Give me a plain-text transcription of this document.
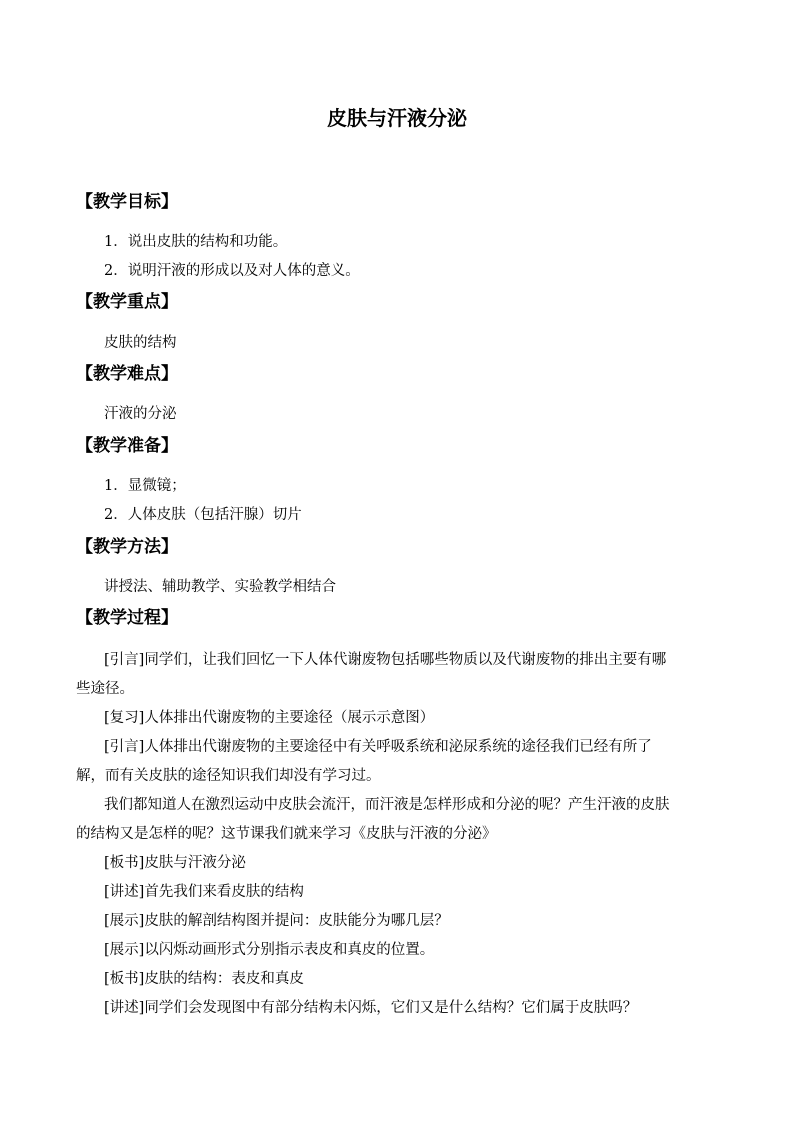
皮肤与汗液分泌
【教学目标】
1．说出皮肤的结构和功能。
2．说明汗液的形成以及对人体的意义。
【教学重点】
皮肤的结构
【教学难点】
汗液的分泌
【教学准备】
1．显微镜；
2．人体皮肤（包括汗腺）切片
【教学方法】
讲授法、辅助教学、实验教学相结合
【教学过程】
[引言]同学们，让我们回忆一下人体代谢废物包括哪些物质以及代谢废物的排出主要有哪
些途径。
[复习]人体排出代谢废物的主要途径（展示示意图）
[引言]人体排出代谢废物的主要途径中有关呼吸系统和泌尿系统的途径我们已经有所了
解，而有关皮肤的途径知识我们却没有学习过。
我们都知道人在激烈运动中皮肤会流汗，而汗液是怎样形成和分泌的呢？产生汗液的皮肤
的结构又是怎样的呢？这节课我们就来学习《皮肤与汗液的分泌》
[板书]皮肤与汗液分泌
[讲述]首先我们来看皮肤的结构
[展示]皮肤的解剖结构图并提问：皮肤能分为哪几层？
[展示]以闪烁动画形式分别指示表皮和真皮的位置。
[板书]皮肤的结构：表皮和真皮
[讲述]同学们会发现图中有部分结构未闪烁，它们又是什么结构？它们属于皮肤吗？
